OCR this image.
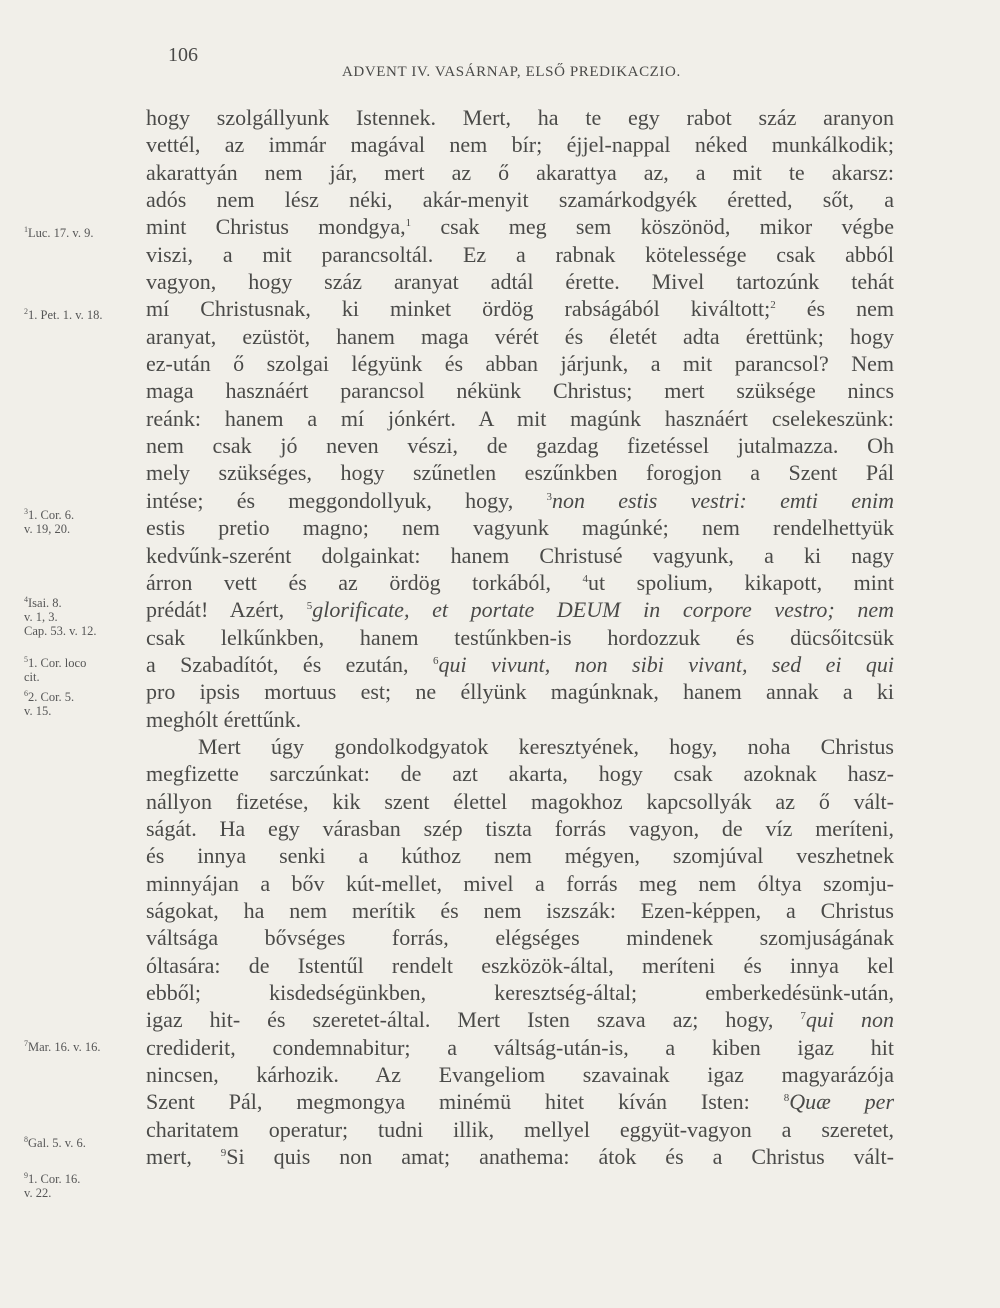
106
ADVENT IV. VASÁRNAP, ELSŐ PREDIKACZIO.
hogy szolgállyunk Istennek. Mert, ha te egy rabot száz aranyon
vettél, az immár magával nem bír; éjjel-nappal néked munkálkodik;
akarattyán nem jár, mert az ő akarattya az, a mit te akarsz:
adós nem lész néki, akár-menyit szamárkodgyék éretted, sőt, a
mint Christus mondgya,$^1$ csak meg sem köszönöd, mikor végbe
viszi, a mit parancsoltál. Ez a rabnak kötelessége csak abból
vagyon, hogy száz aranyat adtál érette. Mivel tartozúnk tehát
mí Christusnak, ki minket ördög rabságából kiváltott;$^2$ és nem
aranyat, ezüstöt, hanem maga vérét és életét adta érettünk; hogy
ez-után ő szolgai légyünk és abban járjunk, a mit parancsol? Nem
maga hasznáért parancsol nékünk Christus; mert szüksége nincs
reánk: hanem a mí jónkért. A mit magúnk hasznáért cselekeszünk:
nem csak jó neven vészi, de gazdag fizetéssel jutalmazza. Oh
mely szükséges, hogy szűnetlen eszűnkben forogjon a Szent Pál
intése; és meggondollyuk, hogy, $^3$non estis vestri: emti enim
estis pretio magno; nem vagyunk magúnké; nem rendelhettyük
kedvűnk-szerént dolgainkat: hanem Christusé vagyunk, a ki nagy
árron vett és az ördög torkából, $^4$ut spolium, kikapott, mint
prédát! Azért, $^5$glorificate, et portate DEUM in corpore vestro; nem
csak lelkűnkben, hanem testűnkben-is hordozzuk és dücsőitcsük
a Szabadítót, és ezután, $^6$qui vivunt, non sibi vivant, sed ei qui
pro ipsis mortuus est; ne éllyünk magúnknak, hanem annak a ki
meghólt érettűnk.
Mert úgy gondolkodgyatok keresztyének, hogy, noha Christus
megfizette sarczúnkat: de azt akarta, hogy csak azoknak hasz-
nállyon fizetése, kik szent élettel magokhoz kapcsollyák az ő vált-
ságát. Ha egy várasban szép tiszta forrás vagyon, de víz meríteni,
és innya senki a kúthoz nem mégyen, szomjúval veszhetnek
minnyájan a bőv kút-mellet, mivel a forrás meg nem óltya szomju-
ságokat, ha nem merítik és nem iszszák: Ezen-képpen, a Christus
váltsága bővséges forrás, elégséges mindenek szomjuságának
óltasára: de Istentűl rendelt eszközök-által, meríteni és innya kel
ebből; kisdedségünkben, keresztség-által; emberkedésünk-után,
igaz hit- és szeretet-által. Mert Isten szava az; hogy, $^7$qui non
crediderit, condemnabitur; a váltság-után-is, a kiben igaz hit
nincsen, kárhozik. Az Evangeliom szavainak igaz magyarázója
Szent Pál, megmongya minémü hitet kíván Isten: $^8$Quæ per
charitatem operatur; tudni illik, mellyel eggyüt-vagyon a szeretet,
mert, $^9$Si quis non amat; anathema: átok és a Christus vált-
$^1$Luc. 17. v. 9.
$^2$1. Pet. 1. v. 18.
$^3$1. Cor. 6.
v. 19, 20.
$^4$Isai. 8.
v. 1, 3.
Cap. 53. v. 12.
$^5$1. Cor. loco
cit.
$^6$2. Cor. 5.
v. 15.
$^7$Mar. 16. v. 16.
$^8$Gal. 5. v. 6.
$^9$1. Cor. 16.
v. 22.
